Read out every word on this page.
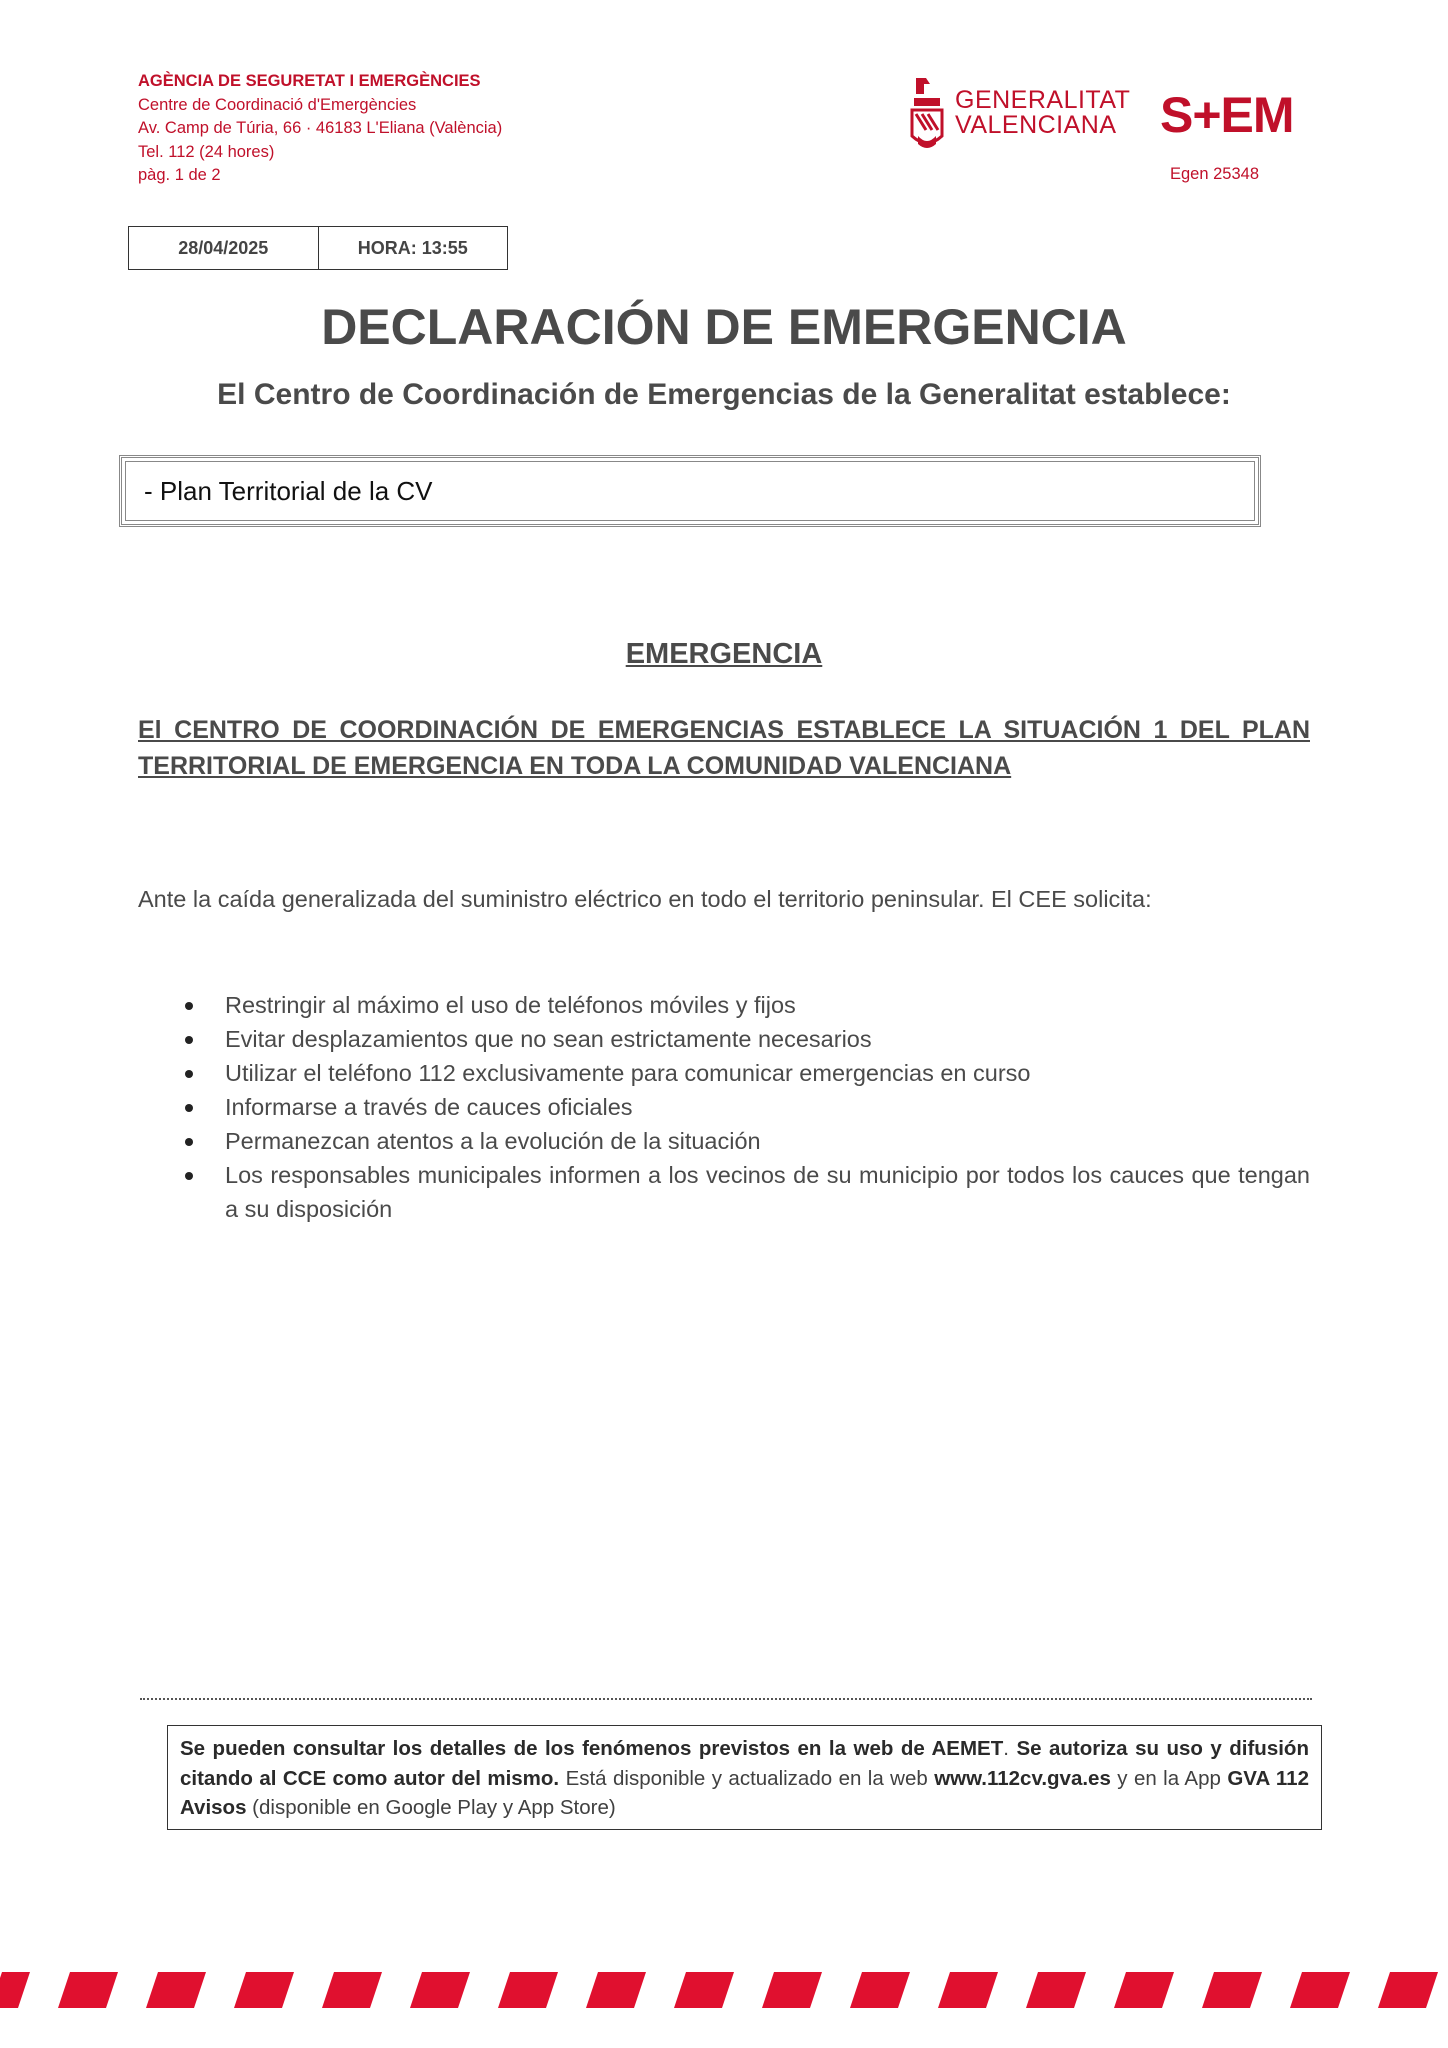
AGÈNCIA DE SEGURETAT I EMERGÈNCIES
Centre de Coordinació d'Emergències
Av. Camp de Túria, 66 · 46183 L'Eliana (València)
Tel. 112 (24 hores)
pàg. 1 de 2
GENERALITAT
VALENCIANA S+EM
Egen 25348
28/04/2025	HORA: 13:55
DECLARACIÓN DE EMERGENCIA
El Centro de Coordinación de Emergencias de la Generalitat establece:
- Plan Territorial de la CV
EMERGENCIA
El CENTRO DE COORDINACIÓN DE EMERGENCIAS ESTABLECE LA SITUACIÓN 1 DEL PLAN TERRITORIAL DE EMERGENCIA EN TODA LA COMUNIDAD VALENCIANA
Ante la caída generalizada del suministro eléctrico en todo el territorio peninsular. El CEE solicita:
Restringir al máximo el uso de teléfonos móviles y fijos
Evitar desplazamientos que no sean estrictamente necesarios
Utilizar el teléfono 112 exclusivamente para comunicar emergencias en curso
Informarse a través de cauces oficiales
Permanezcan atentos a la evolución de la situación
Los responsables municipales informen a los vecinos de su municipio por todos los cauces que tengan a su disposición
Se pueden consultar los detalles de los fenómenos previstos en la web de AEMET. Se autoriza su uso y difusión citando al CCE como autor del mismo. Está disponible y actualizado en la web www.112cv.gva.es y en la App GVA 112 Avisos (disponible en Google Play y App Store)
